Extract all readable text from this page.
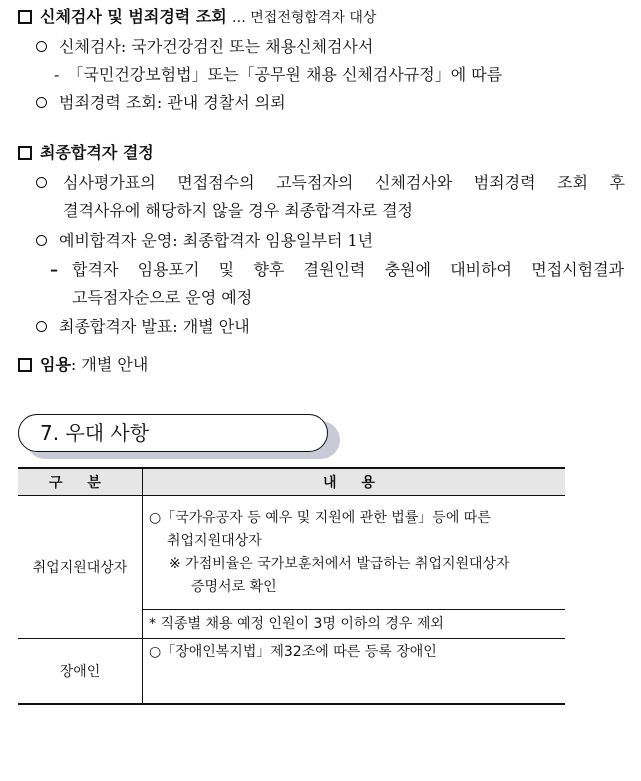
신체검사 및 범죄경력 조회 … 면접전형합격자 대상
신체검사: 국가건강검진 또는 채용신체검사서
- 「국민건강보험법」또는「공무원 채용 신체검사규정」에 따름
범죄경력 조회: 관내 경찰서 의뢰
최종합격자 결정
심사평가표의 면접점수의 고득점자의 신체검사와 범죄경력 조회 후
결격사유에 해당하지 않을 경우 최종합격자로 결정
예비합격자 운영: 최종합격자 임용일부터 1년
– 합격자 임용포기 및 향후 결원인력 충원에 대비하여 면접시험결과
고득점자순으로 운영 예정
최종합격자 발표: 개별 안내
임용: 개별 안내
7. 우대 사항
구 분	내 용
취업지원대상자	○「국가유공자 등 예우 및 지원에 관한 법률」등에 따른
취업지원대상자
※ 가점비율은 국가보훈처에서 발급하는 취업지원대상자
증명서로 확인

	* 직종별 채용 예정 인원이 3명 이하의 경우 제외

장애인	○「장애인복지법」제32조에 따른 등록 장애인
